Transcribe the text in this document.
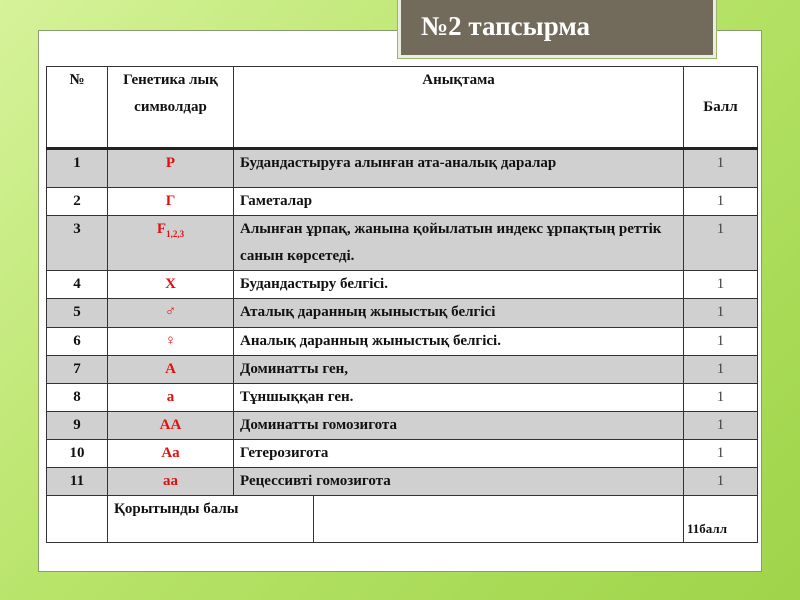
№2 тапсырма
№	Генетика лық символдар	Анықтама		Балл
1	P	Будандастыруға алынған ата-аналық даралар		1
2	Г	Гаметалар		1
3	$F_{1,2,3}$	Алынған ұрпақ, жанына қойылатын индекс ұрпақтың реттік санын көрсетеді.		1
4	X	Будандастыру белгісі.		1
5	♂	Аталық даранның жыныстық белгісі		1
6	♀	Аналық даранның жыныстық белгісі.		1
7	A	Доминатты ген,		1
8	a	Тұншыққан ген.		1
9	AA	Доминатты гомозигота		1
10	Aa	Гетерозигота		1
11	aa	Рецессивті гомозигота		1
	Қорытынды балы			11балл
